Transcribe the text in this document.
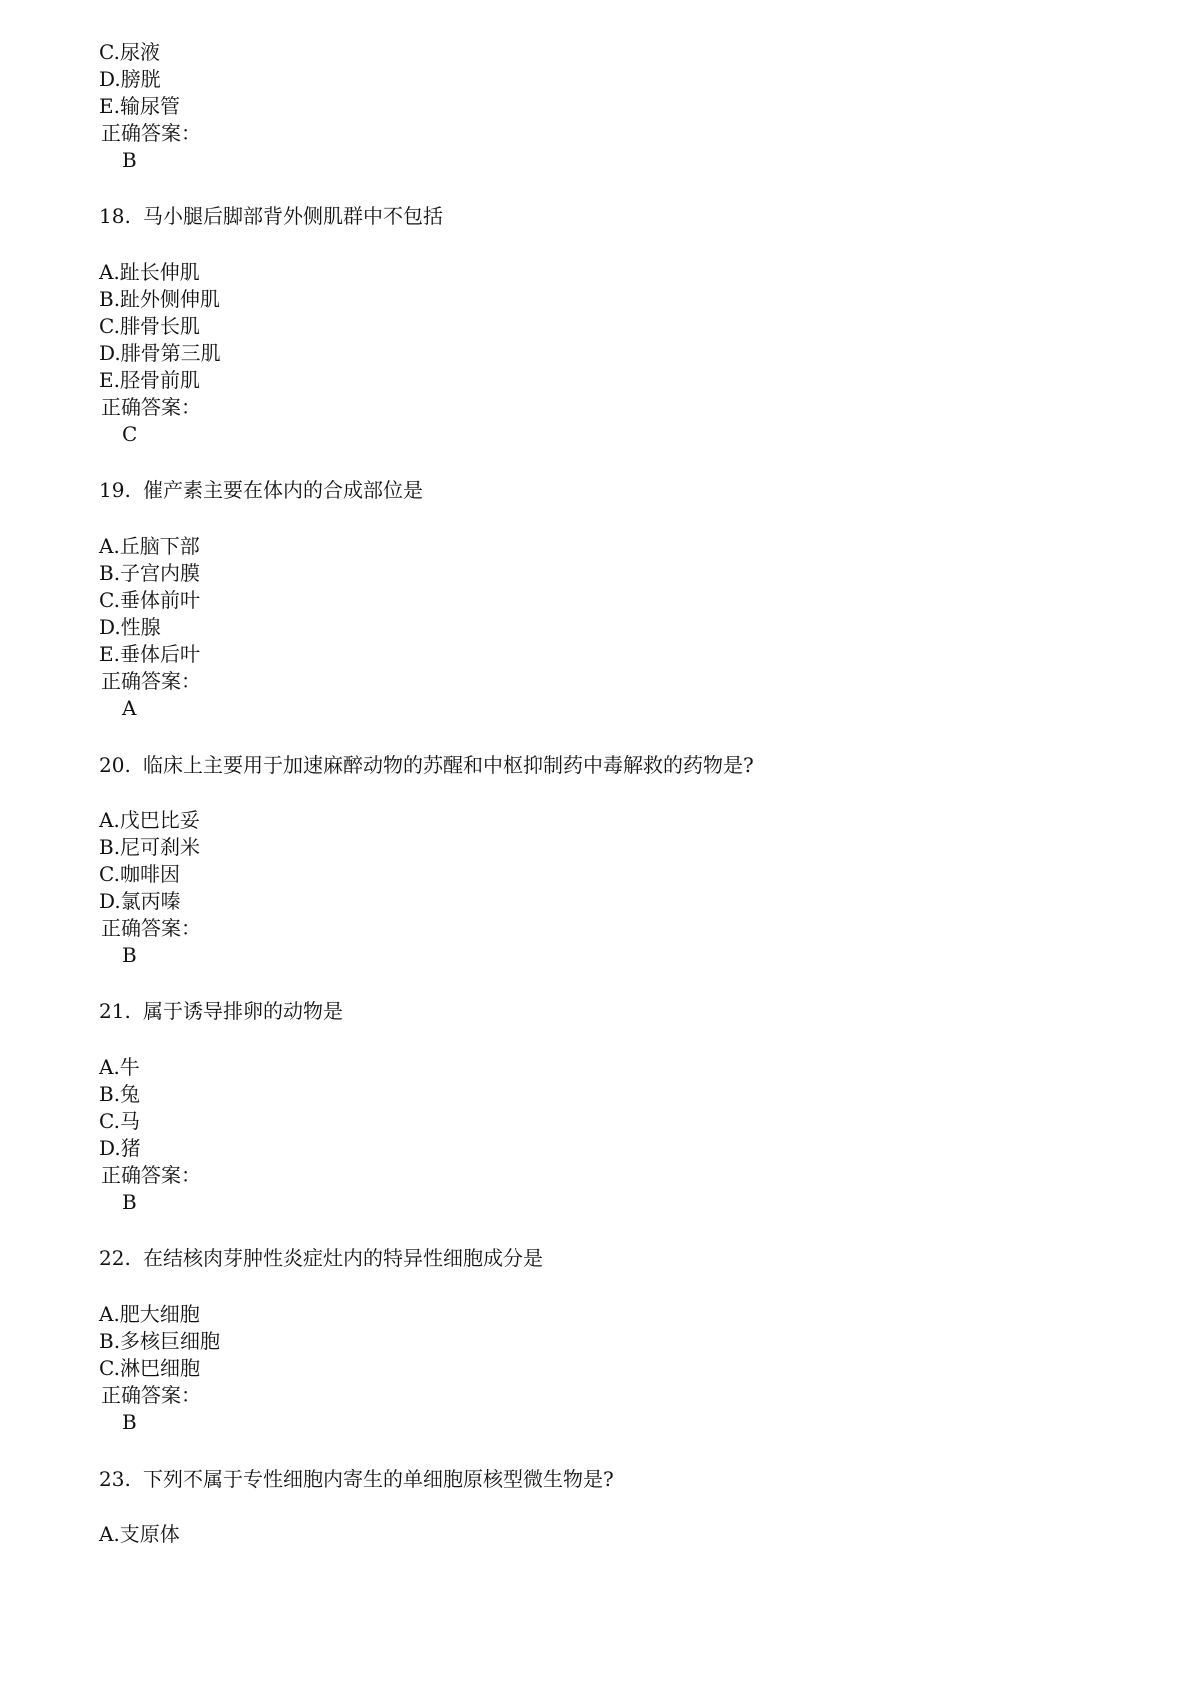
C.尿液
D.膀胱
E.输尿管
正确答案：
B
18. 马小腿后脚部背外侧肌群中不包括
A.趾长伸肌
B.趾外侧伸肌
C.腓骨长肌
D.腓骨第三肌
E.胫骨前肌
正确答案：
C
19. 催产素主要在体内的合成部位是
A.丘脑下部
B.子宫内膜
C.垂体前叶
D.性腺
E.垂体后叶
正确答案：
A
20. 临床上主要用于加速麻醉动物的苏醒和中枢抑制药中毒解救的药物是?
A.戊巴比妥
B.尼可刹米
C.咖啡因
D.氯丙嗪
正确答案：
B
21. 属于诱导排卵的动物是
A.牛
B.兔
C.马
D.猪
正确答案：
B
22. 在结核肉芽肿性炎症灶内的特异性细胞成分是
A.肥大细胞
B.多核巨细胞
C.淋巴细胞
正确答案：
B
23. 下列不属于专性细胞内寄生的单细胞原核型微生物是?
A.支原体
